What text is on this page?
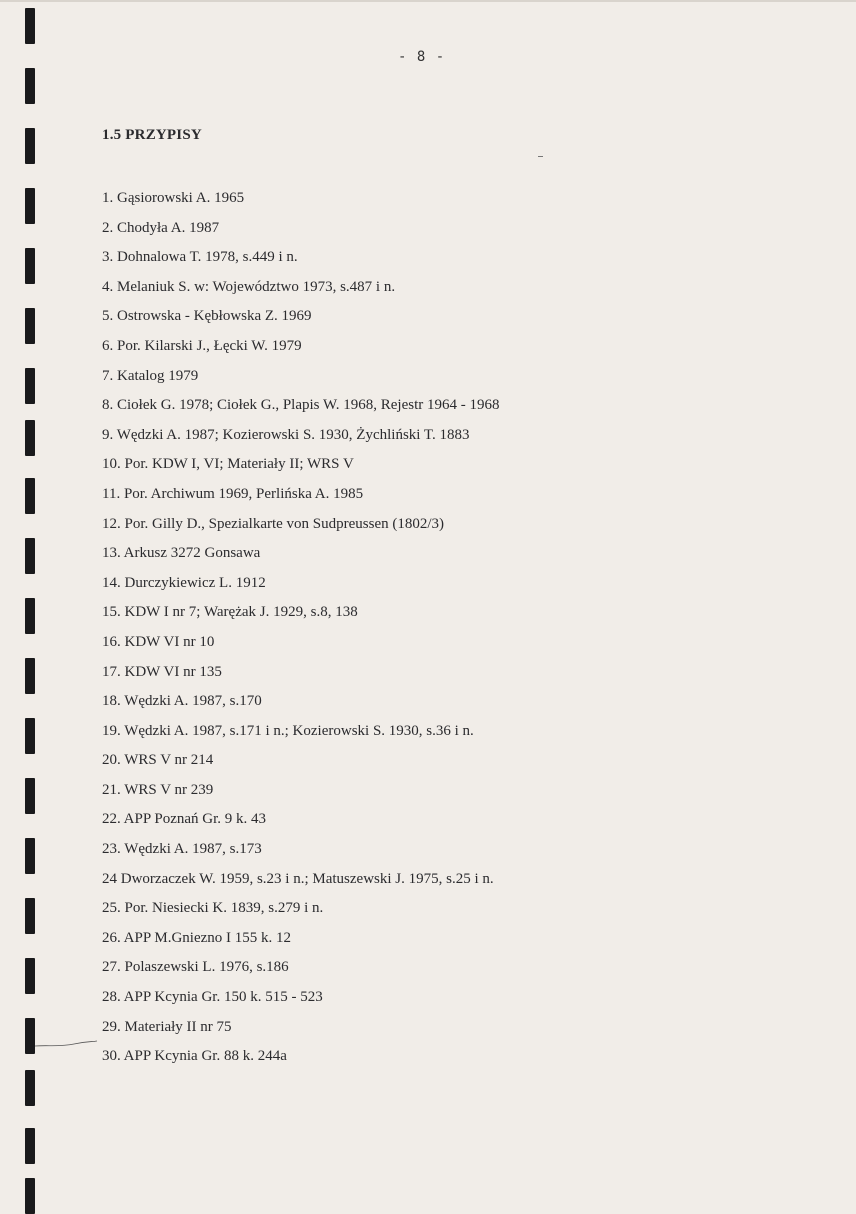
- 8 -
1.5 PRZYPISY
1. Gąsiorowski A. 1965
2. Chodyła A. 1987
3. Dohnalowa T. 1978, s.449 i n.
4. Melaniuk S. w: Województwo 1973, s.487 i n.
5. Ostrowska - Kębłowska Z. 1969
6. Por. Kilarski J., Łęcki W. 1979
7. Katalog 1979
8. Ciołek G. 1978; Ciołek G., Plapis W. 1968, Rejestr 1964 - 1968
9. Wędzki A. 1987; Kozierowski S. 1930, Żychliński T. 1883
10. Por. KDW I, VI; Materiały II; WRS V
11. Por. Archiwum 1969, Perlińska A. 1985
12. Por. Gilly D., Spezialkarte von Sudpreussen (1802/3)
13. Arkusz 3272 Gonsawa
14. Durczykiewicz L. 1912
15. KDW I nr 7; Warężak J. 1929, s.8, 138
16. KDW VI nr 10
17. KDW VI nr 135
18. Wędzki A. 1987, s.170
19. Wędzki A. 1987, s.171 i n.; Kozierowski S. 1930, s.36 i n.
20. WRS V nr 214
21. WRS V nr 239
22. APP Poznań Gr. 9 k. 43
23. Wędzki A. 1987, s.173
24 Dworzaczek W. 1959, s.23 i n.; Matuszewski J. 1975, s.25 i n.
25. Por. Niesiecki K. 1839, s.279 i n.
26. APP M.Gniezno I 155 k. 12
27. Polaszewski L. 1976, s.186
28. APP Kcynia Gr. 150 k. 515 - 523
29. Materiały II nr 75
30. APP Kcynia Gr. 88 k. 244a
